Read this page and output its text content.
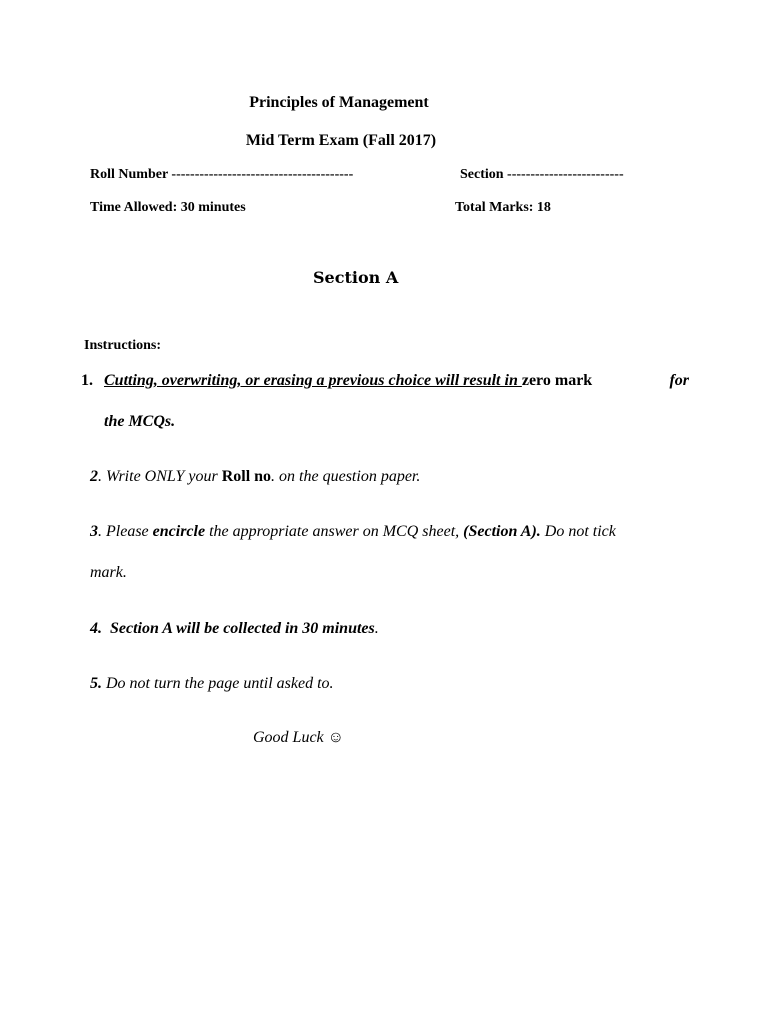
Principles of Management
Mid Term Exam (Fall 2017)
Roll Number ---------------------------------------	Section -------------------------
Time Allowed: 30 minutes	Total Marks: 18
Section A
Instructions:
1. Cutting, overwriting, or erasing a previous choice will result in zero mark	for
the MCQs.
2. Write ONLY your Roll no. on the question paper.
3. Please encircle the appropriate answer on MCQ sheet, (Section A). Do not tick
mark.
4.  Section A will be collected in 30 minutes.
5. Do not turn the page until asked to.
Good Luck ☺
